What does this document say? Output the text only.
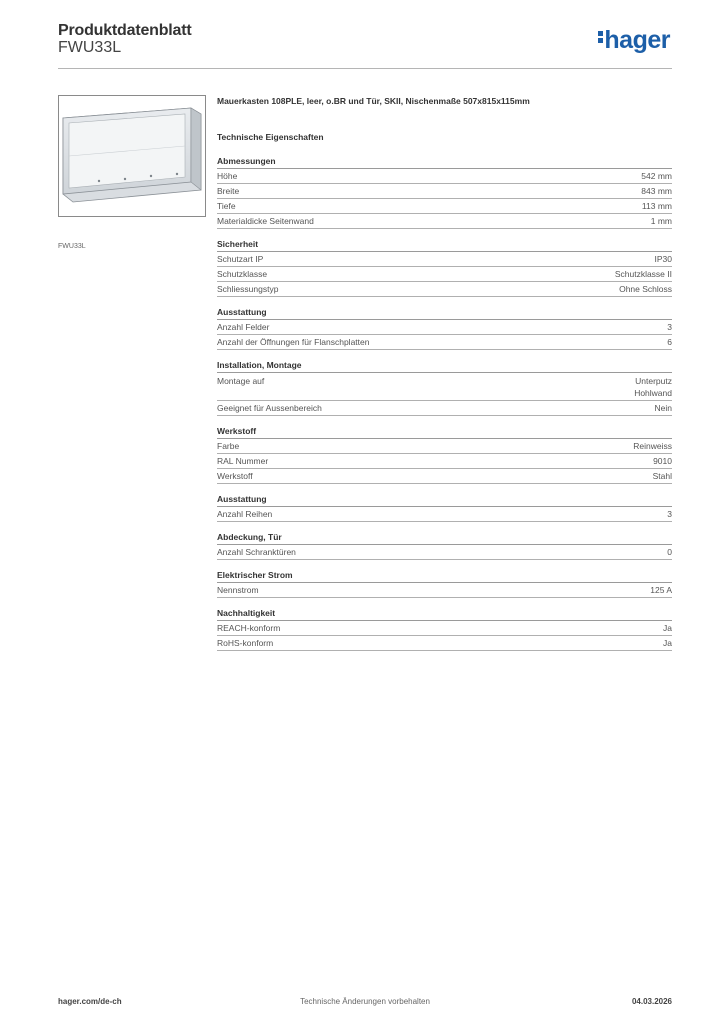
Produktdatenblatt
FWU33L	hager
FWU33L
Mauerkasten 108PLE, leer, o.BR und Tür, SKII, Nischenmaße 507x815x115mm
Technische Eigenschaften
Abmessungen
Höhe	542 mm
Breite	843 mm
Tiefe	113 mm
Materialdicke Seitenwand	1 mm
Sicherheit
Schutzart IP	IP30
Schutzklasse	Schutzklasse II
Schliessungstyp	Ohne Schloss
Ausstattung
Anzahl Felder	3
Anzahl der Öffnungen für Flanschplatten	6
Installation, Montage
Montage auf	Unterputz
Hohlwand
Geeignet für Aussenbereich	Nein
Werkstoff
Farbe	Reinweiss
RAL Nummer	9010
Werkstoff	Stahl
Ausstattung
Anzahl Reihen	3
Abdeckung, Tür
Anzahl Schranktüren	0
Elektrischer Strom
Nennstrom	125 A
Nachhaltigkeit
REACH-konform	Ja
RoHS-konform	Ja
hager.com/de-ch	Technische Änderungen vorbehalten	04.03.2026
